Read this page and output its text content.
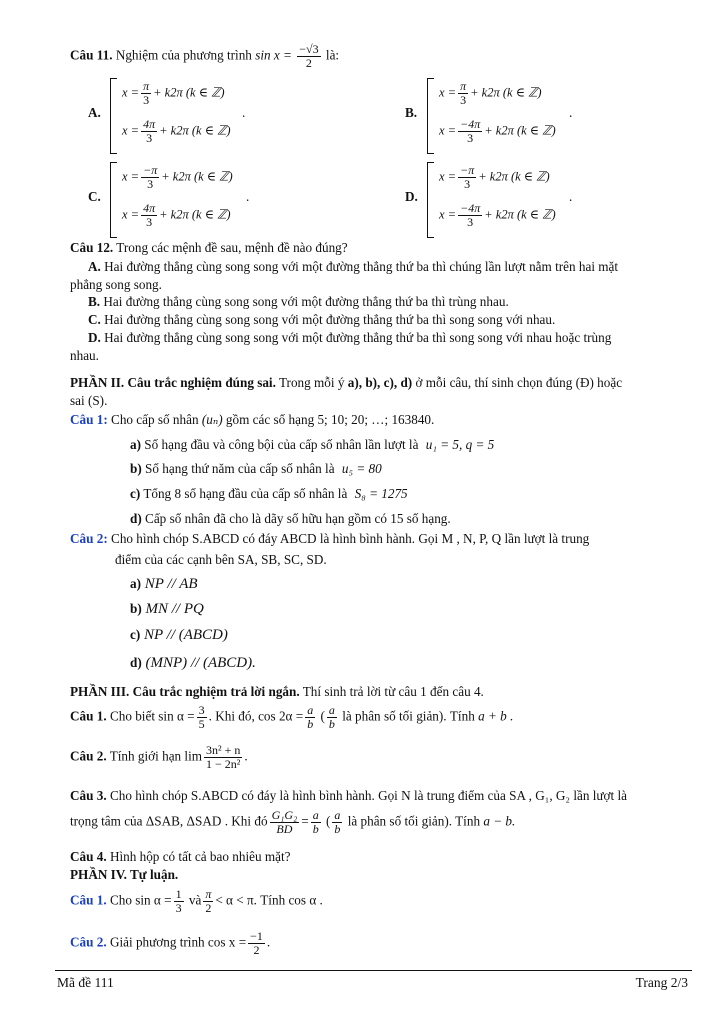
Câu 11. Nghiệm của phương trình $\sin x = \frac{-√3}{2}$ là:
A.
$x = \frac{\pi}{3} + k2\pi$ (k ∈ ℤ)
$x = \frac{4\pi}{3} + k2\pi$ (k ∈ ℤ)
.	B.
$x = \frac{\pi}{3} + k2\pi$ (k ∈ ℤ)
$x = \frac{-4\pi}{3} + k2\pi$ (k ∈ ℤ)
.
C.
$x = \frac{-\pi}{3} + k2\pi$ (k ∈ ℤ)
$x = \frac{4\pi}{3} + k2\pi$ (k ∈ ℤ)
.	D.
$x = \frac{-\pi}{3} + k2\pi$ (k ∈ ℤ)
$x = \frac{-4\pi}{3} + k2\pi$ (k ∈ ℤ)
.
Câu 12. Trong các mệnh đề sau, mệnh đề nào đúng?
A. Hai đường thẳng cùng song song với một đường thẳng thứ ba thì chúng lần lượt nằm trên hai mặt
phẳng song song.
B. Hai đường thẳng cùng song song với một đường thẳng thứ ba thì trùng nhau.
C. Hai đường thẳng cùng song song với một đường thẳng thứ ba thì song song với nhau.
D. Hai đường thẳng cùng song song với một đường thẳng thứ ba thì song song với nhau hoặc trùng
nhau.
PHẦN II. Câu trắc nghiệm đúng sai. Trong mỗi ý a), b), c), d) ở mỗi câu, thí sinh chọn đúng (Đ) hoặc
sai (S).
Câu 1: Cho cấp số nhân (uₙ) gồm các số hạng 5; 10; 20; …; 163840.
a) Số hạng đầu và công bội của cấp số nhân lần lượt là u₁ = 5, q = 5
b) Số hạng thứ năm của cấp số nhân là u₅ = 80
c) Tổng 8 số hạng đầu của cấp số nhân là S₈ = 1275
d) Cấp số nhân đã cho là dãy số hữu hạn gồm có 15 số hạng.
Câu 2: Cho hình chóp S.ABCD có đáy ABCD là hình bình hành. Gọi M , N, P, Q lần lượt là trung
điểm của các cạnh bên SA, SB, SC, SD.
a) NP // AB
b) MN // PQ
c) NP // (ABCD)
d) (MNP) // (ABCD).
PHẦN III. Câu trắc nghiệm trả lời ngắn. Thí sinh trả lời từ câu 1 đến câu 4.
Câu 1. Cho biết $\sin \alpha = \frac{3}{5}$ . Khi đó, $\cos 2\alpha = \frac{a}{b}$ ( $\frac{a}{b}$ là phân số tối giản). Tính a + b .
Câu 2. Tính giới hạn $\lim \frac{\text{3n² + n}}{\text{1 − 2n²}}$ .
Câu 3. Cho hình chóp S.ABCD có đáy là hình bình hành. Gọi N là trung điểm của SA , G₁, G₂ lần lượt là
trọng tâm của ΔSAB, ΔSAD . Khi đó $\frac{\text{G₁G₂}}{BD} = \frac{a}{b}$ ( $\frac{a}{b}$ là phân số tối giản). Tính a − b.
Câu 4. Hình hộp có tất cả bao nhiêu mặt?
PHẦN IV. Tự luận.
Câu 1. Cho $\sin \alpha = \frac{1}{3}$ và $\frac{\pi}{2} < \alpha < \pi$. Tính cos α .
Câu 2. Giải phương trình $\cos x = \frac{-1}{2}$ .
Mã đề 111	Trang 2/3
